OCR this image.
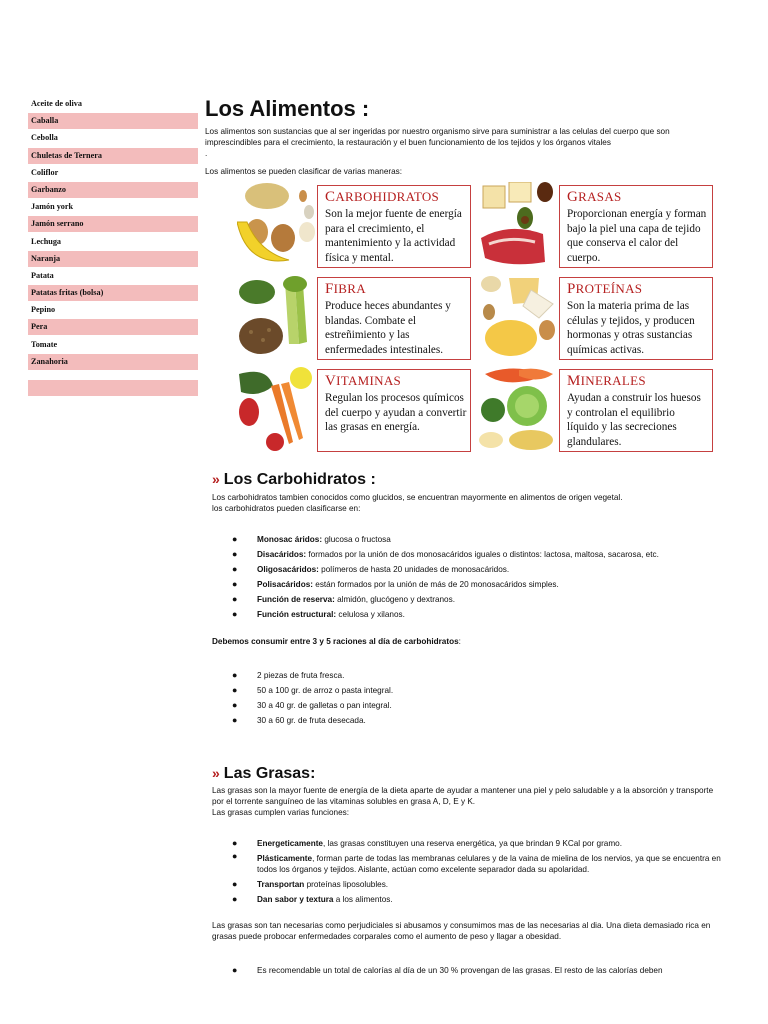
Aceite de oliva
Caballa
Cebolla
Chuletas de Ternera
Coliflor
Garbanzo
Jamón york
Jamón serrano
Lechuga
Naranja
Patata
Patatas fritas (bolsa)
Pepino
Pera
Tomate
Zanahoria
Los Alimentos :

Los alimentos son sustancias que al ser ingeridas por nuestro organismo sirve para suministrar a las celulas del cuerpo que son imprescindibles para el crecimiento, la restauración y el buen funcionamiento de los tejidos y los órganos vitales
.

Los alimentos se pueden clasificar de varias maneras:

CARBOHIDRATOS
Son la mejor fuente de energía para el crecimiento, el mantenimiento y la actividad física y mental.
GRASAS
Proporcionan energía y forman bajo la piel una capa de tejido que conserva el calor del cuerpo.
FIBRA
Produce heces abundantes y blandas. Combate el estreñimiento y las enfermedades intestinales.
PROTEÍNAS
Son la materia prima de las células y tejidos, y producen hormonas y otras sustancias químicas activas.
VITAMINAS
Regulan los procesos químicos del cuerpo y ayudan a convertir las grasas en energía.
MINERALES
Ayudan a construir los huesos y controlan el equilibrio líquido y las secreciones glandulares.
» Los Carbohidratos :
Los carbohidratos tambien conocidos como glucidos, se encuentran mayormente en alimentos de origen vegetal.
los carbohidratos pueden clasificarse en:
● Monosac áridos: glucosa o fructosa
● Disacáridos: formados por la unión de dos monosacáridos iguales o distintos: lactosa, maltosa, sacarosa, etc.
● Oligosacáridos: polímeros de hasta 20 unidades de monosacáridos.
● Polisacáridos: están formados por la unión de más de 20 monosacáridos simples.
● Función de reserva: almidón, glucógeno y dextranos.
● Función estructural: celulosa y xilanos.
Debemos consumir entre 3 y 5 raciones al día de carbohidratos:
● 2 piezas de fruta fresca.
● 50 a 100 gr. de arroz o pasta integral.
● 30 a 40 gr. de galletas o pan integral.
● 30 a 60 gr. de fruta desecada.
» Las Grasas:
Las grasas son la mayor fuente de energía de la dieta aparte de ayudar a mantener una piel y pelo saludable y a la absorción y transporte por el torrente sanguíneo de las vitaminas solubles en grasa A, D, E y K.
Las grasas cumplen varias funciones:
● Energeticamente, las grasas constituyen una reserva energética, ya que brindan 9 KCal por gramo.
● Plásticamente, forman parte de todas las membranas celulares y de la vaina de mielina de los nervios, ya que se encuentra en todos los órganos y tejidos. Aislante, actúan como excelente separador dada su apolaridad.
● Transportan proteínas liposolubles.
● Dan sabor y textura a los alimentos.
Las grasas son tan necesarias como perjudiciales si abusamos y consumimos mas de las necesarias al dia. Una dieta demasiado rica en grasas puede probocar enfermedades corparales como el aumento de peso y llagar a obesidad.
● Es recomendable un total de calorías al día de un 30 % provengan de las grasas. El resto de las calorías deben
